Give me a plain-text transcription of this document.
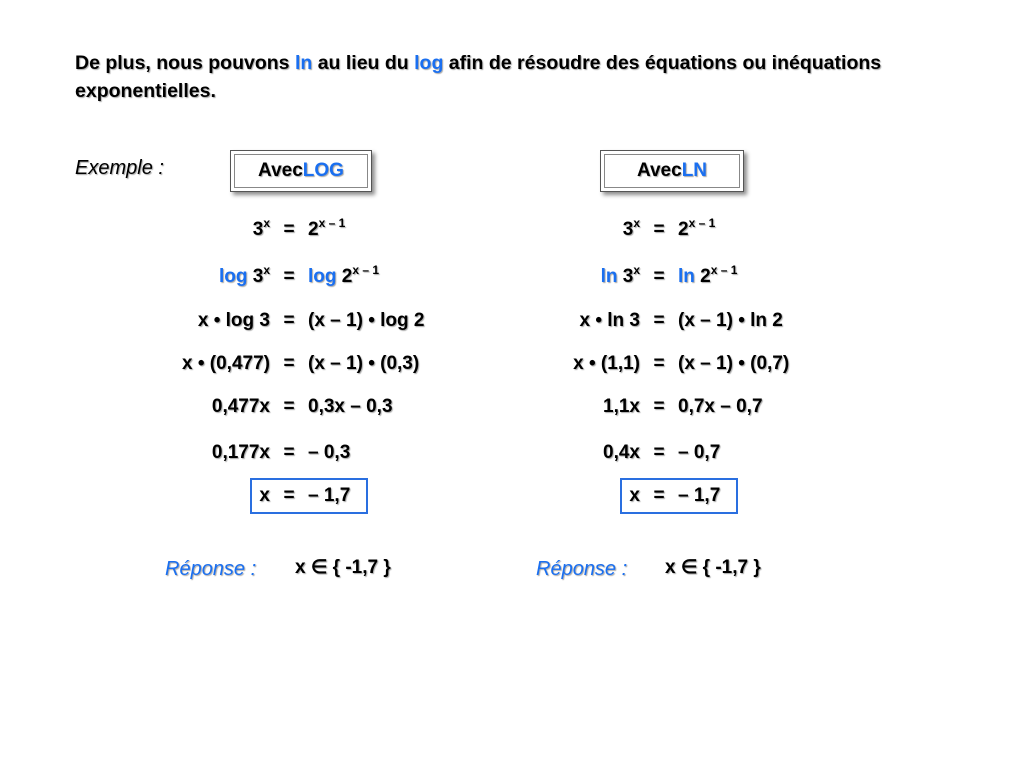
De plus, nous pouvons ln au lieu du log afin de résoudre des équations ou inéquations exponentielles.
Exemple :	Avec LOG	Avec LN
$3^x = 2^{x - 1}$
$\log 3^x = \log 2^{x - 1}$
x • log 3 = (x – 1) • log 2
x • (0,477) = (x – 1) • (0,3)
0,477x = 0,3x – 0,3
0,177x = – 0,3
x = – 1,7
$3^x = 2^{x - 1}$
$\ln 3^x = \ln 2^{x - 1}$
x • ln 3 = (x – 1) • ln 2
x • (1,1) = (x – 1) • (0,7)
1,1x = 0,7x – 0,7
0,4x = – 0,7
x = – 1,7
Réponse : x ∈ { -1,7 }	Réponse : x ∈ { -1,7 }
